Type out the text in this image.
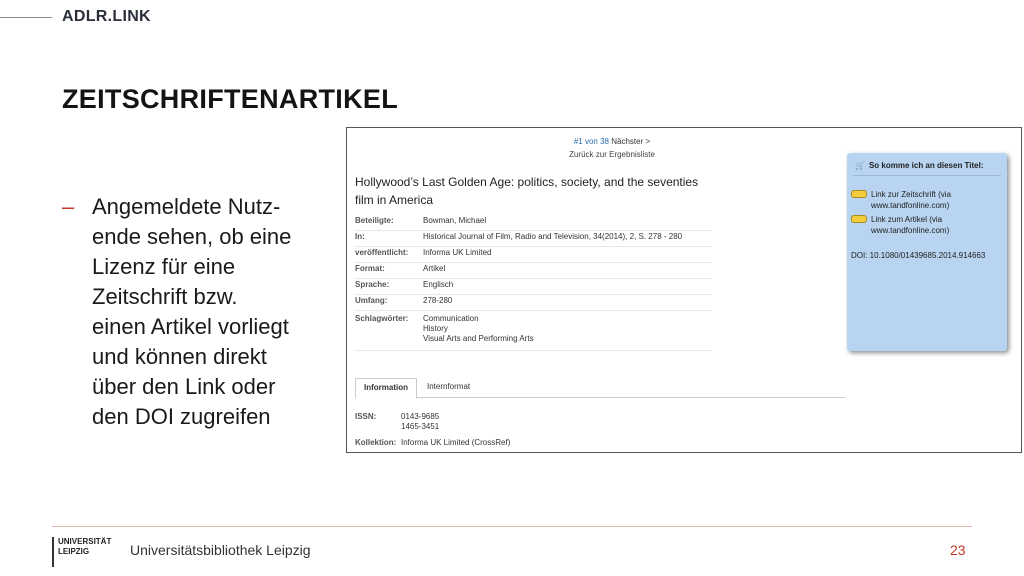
ADLR.LINK
ZEITSCHRIFTENARTIKEL
– Angemeldete Nutz-
ende sehen, ob eine
Lizenz für eine
Zeitschrift bzw.
einen Artikel vorliegt
und können direkt
über den Link oder
den DOI zugreifen
#1 von 38 Nächster >
Zurück zur Ergebnisliste
Hollywood’s Last Golden Age: politics, society, and the seventies
film in America
Beteiligte:	Bowman, Michael
In:	Historical Journal of Film, Radio and Television, 34(2014), 2, S. 278 - 280
veröffentlicht: Informa UK Limited
Format:	Artikel
Sprache:	Englisch
Umfang:	278-280
Schlagwörter: Communication
History
Visual Arts and Performing Arts
Information	Internformat
ISSN:	0143-9685
1465-3451
Kollektion: Informa UK Limited (CrossRef)
🛒 So komme ich an diesen Titel:
Link zur Zeitschrift (via
www.tandfonline.com)
Link zum Artikel (via
www.tandfonline.com)
DOI: 10.1080/01439685.2014.914663
UNIVERSITÄT
LEIPZIG	Universitätsbibliothek Leipzig	23
